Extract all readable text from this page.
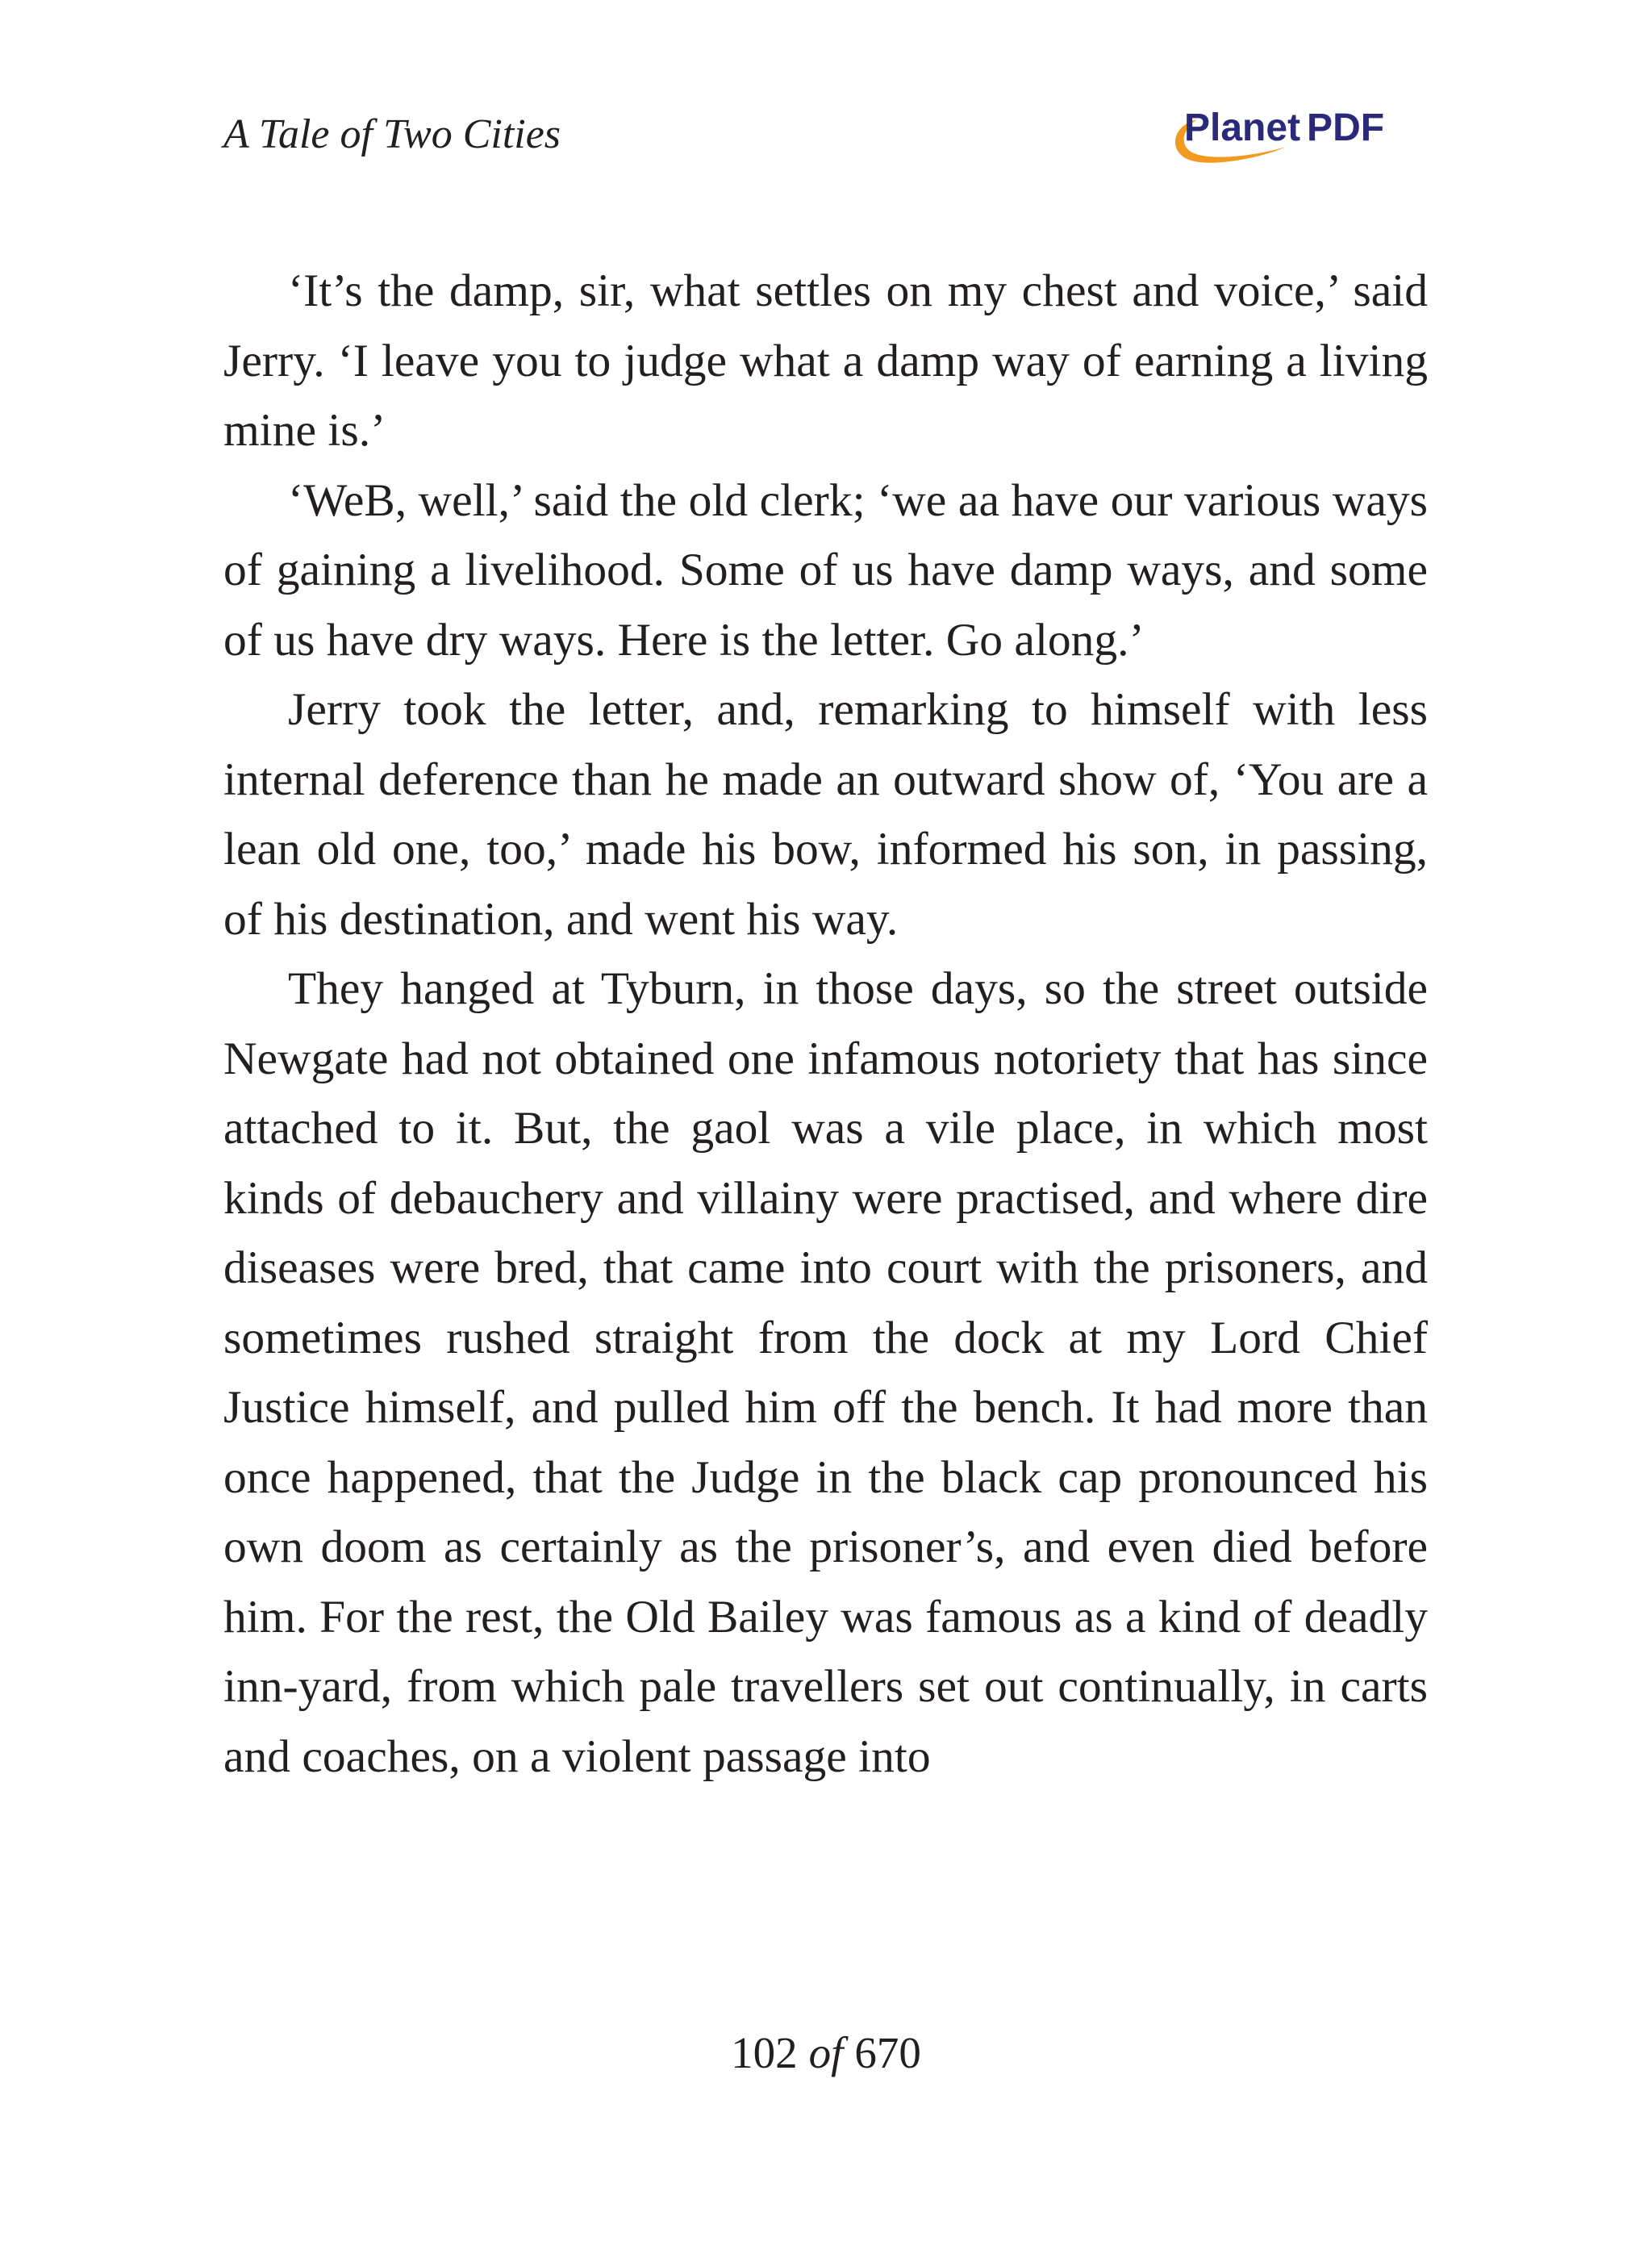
A Tale of Two Cities	Planet PDF

‘It’s the damp, sir, what settles on my chest and voice,’ said Jerry. ‘I leave you to judge what a damp way of earning a living mine is.’

‘WeB, well,’ said the old clerk; ‘we aa have our various ways of gaining a livelihood. Some of us have damp ways, and some of us have dry ways. Here is the letter. Go along.’

Jerry took the letter, and, remarking to himself with less internal deference than he made an outward show of, ‘You are a lean old one, too,’ made his bow, informed his son, in passing, of his destination, and went his way.

They hanged at Tyburn, in those days, so the street outside Newgate had not obtained one infamous notoriety that has since attached to it. But, the gaol was a vile place, in which most kinds of debauchery and villainy were practised, and where dire diseases were bred, that came into court with the prisoners, and sometimes rushed straight from the dock at my Lord Chief Justice himself, and pulled him off the bench. It had more than once happened, that the Judge in the black cap pronounced his own doom as certainly as the prisoner’s, and even died before him. For the rest, the Old Bailey was famous as a kind of deadly inn-yard, from which pale travellers set out continually, in carts and coaches, on a violent passage into

102 of 670
